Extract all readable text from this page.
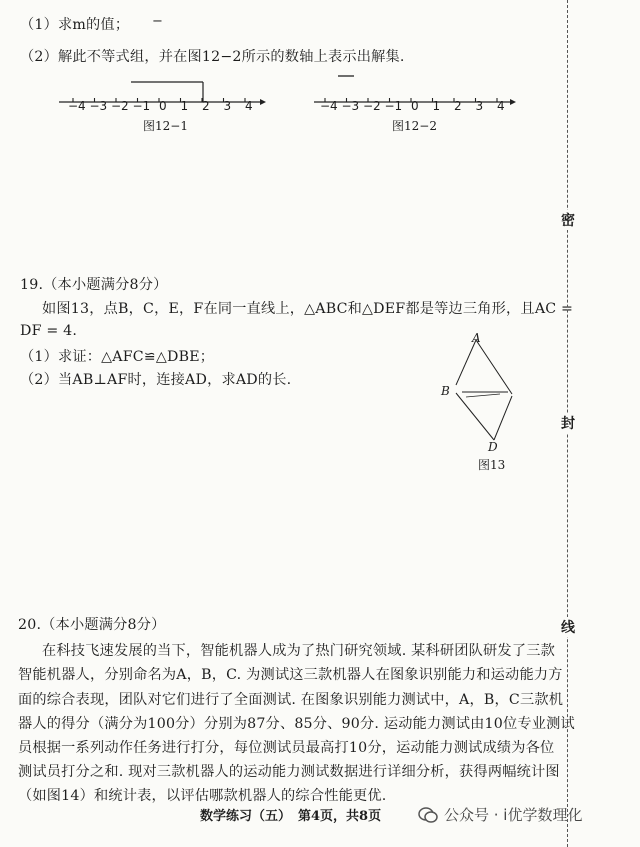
（1）求m的值； −
（2）解此不等式组，并在图12−2所示的数轴上表示出解集.
−4 −3 −2 −1 0 1 2 3 4
图12−1
−4 −3 −2 −1 0 1 2 3 4
图12−2
19.（本小题满分8分）
如图13，点B，C，E，F在同一直线上，△ABC和△DEF都是等边三角形，且AC =
DF = 4.
（1）求证：△AFC≌△DBE；
（2）当AB⊥AF时，连接AD，求AD的长.
A
B
D
图13
20.（本小题满分8分）
在科技飞速发展的当下，智能机器人成为了热门研究领域. 某科研团队研发了三款
智能机器人，分别命名为A，B，C. 为测试这三款机器人在图象识别能力和运动能力方
面的综合表现，团队对它们进行了全面测试. 在图象识别能力测试中，A，B，C三款机
器人的得分（满分为100分）分别为87分、85分、90分. 运动能力测试由10位专业测试
员根据一系列动作任务进行打分，每位测试员最高打10分，运动能力测试成绩为各位
测试员打分之和. 现对三款机器人的运动能力测试数据进行详细分析，获得两幅统计图
（如图14）和统计表，以评估哪款机器人的综合性能更优.
密
封
线
数学练习（五） 第4页，共8页	公众号 · i优学数理化
